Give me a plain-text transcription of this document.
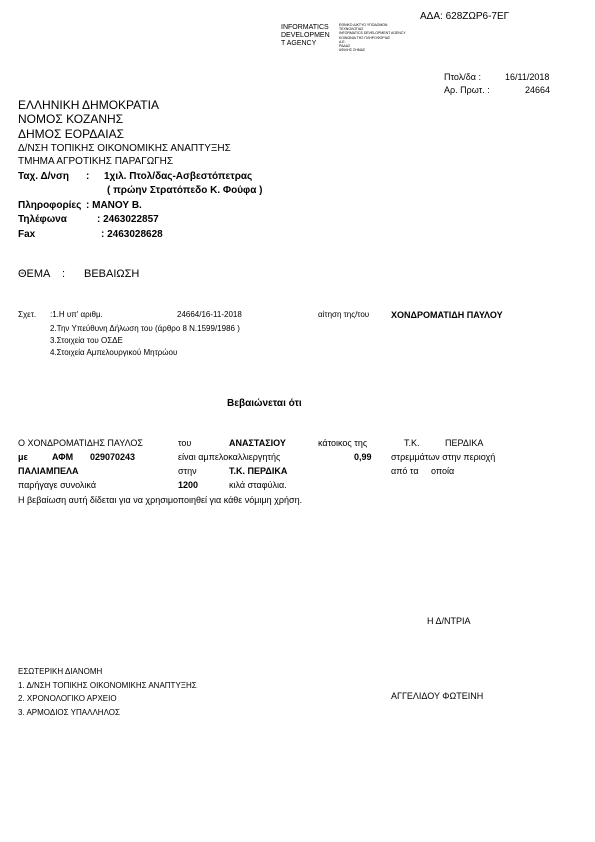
ΑΔΑ: 628ΖΩΡ6-7ΕΓ
INFORMATICS
DEVELOPMEN
T AGENCY
ΕΘΝΙΚΟ ΔΙΚΤΥΟ ΥΠΟΔΟΜΩΝ
ΤΕΧΝΟΛΟΓΙΑΣ
INFORMATICS DEVELOPMENT AGENCY
ΚΟΙΝΩΝΙΑ ΤΗΣ ΠΛΗΡΟΦΟΡΙΑΣ
Α.Ε.
ΡΑΔΑΣ
ΑΦΙΛΗΣ ΣΗΜΑΣ
Πτολ/δα :	16/11/2018
Αρ. Πρωτ. :	24664
ΕΛΛΗΝΙΚΗ ΔΗΜΟΚΡΑΤΙΑ
ΝΟΜΟΣ ΚΟΖΑΝΗΣ
ΔΗΜΟΣ ΕΟΡΔΑΙΑΣ
Δ/ΝΣΗ ΤΟΠΙΚΗΣ ΟΙΚΟΝΟΜΙΚΗΣ ΑΝΑΠΤΥΞΗΣ
ΤΜΗΜΑ ΑΓΡΟΤΙΚΗΣ ΠΑΡΑΓΩΓΗΣ
Ταχ. Δ/νση : 1χιλ. Πτολ/δας-Ασβεστόπετρας
( πρώην Στρατόπεδο Κ. Φούφα )
Πληροφορίες : ΜΑΝΟΥ Β.
Τηλέφωνα	: 2463022857
Fax	: 2463028628
ΘΕΜΑ : ΒΕΒΑΙΩΣΗ
Σχετ. :1.Η υπ' αριθμ.	24664/16-11-2018	αίτηση της/του ΧΟΝΔΡΟΜΑΤΙΔΗ ΠΑΥΛΟΥ
2.Την Υπεύθυνη Δήλωση του (άρθρο 8 Ν.1599/1986 )
3.Στοιχεία του ΟΣΔΕ
4.Στοιχεία Αμπελουργικού Μητρώου
Βεβαιώνεται ότι
Ο ΧΟΝΔΡΟΜΑΤΙΔΗΣ ΠΑΥΛΟΣ	του	ΑΝΑΣΤΑΣΙΟΥ	κάτοικος της	Τ.Κ.	ΠΕΡΔΙΚΑ
με	ΑΦΜ 029070243	είναι αμπελοκαλλιεργητής	0,99 στρεμμάτων στην περιοχή
ΠΑΛΙΑΜΠΕΛΑ	στην	Τ.Κ. ΠΕΡΔΙΚΑ	από τα οποία
παρήγαγε συνολικά	1200	κιλά σταφύλια.
Η βεβαίωση αυτή δίδεται για να χρησιμοποιηθεί για κάθε νόμιμη χρήση.
Η Δ/ΝΤΡΙΑ
ΑΓΓΕΛΙΔΟΥ ΦΩΤΕΙΝΗ
ΕΣΩΤΕΡΙΚΗ ΔΙΑΝΟΜΗ
1. Δ/ΝΣΗ ΤΟΠΙΚΗΣ ΟΙΚΟΝΟΜΙΚΗΣ ΑΝΑΠΤΥΞΗΣ
2. ΧΡΟΝΟΛΟΓΙΚΟ ΑΡΧΕΙΟ
3. ΑΡΜΟΔΙΟΣ ΥΠΑΛΛΗΛΟΣ
